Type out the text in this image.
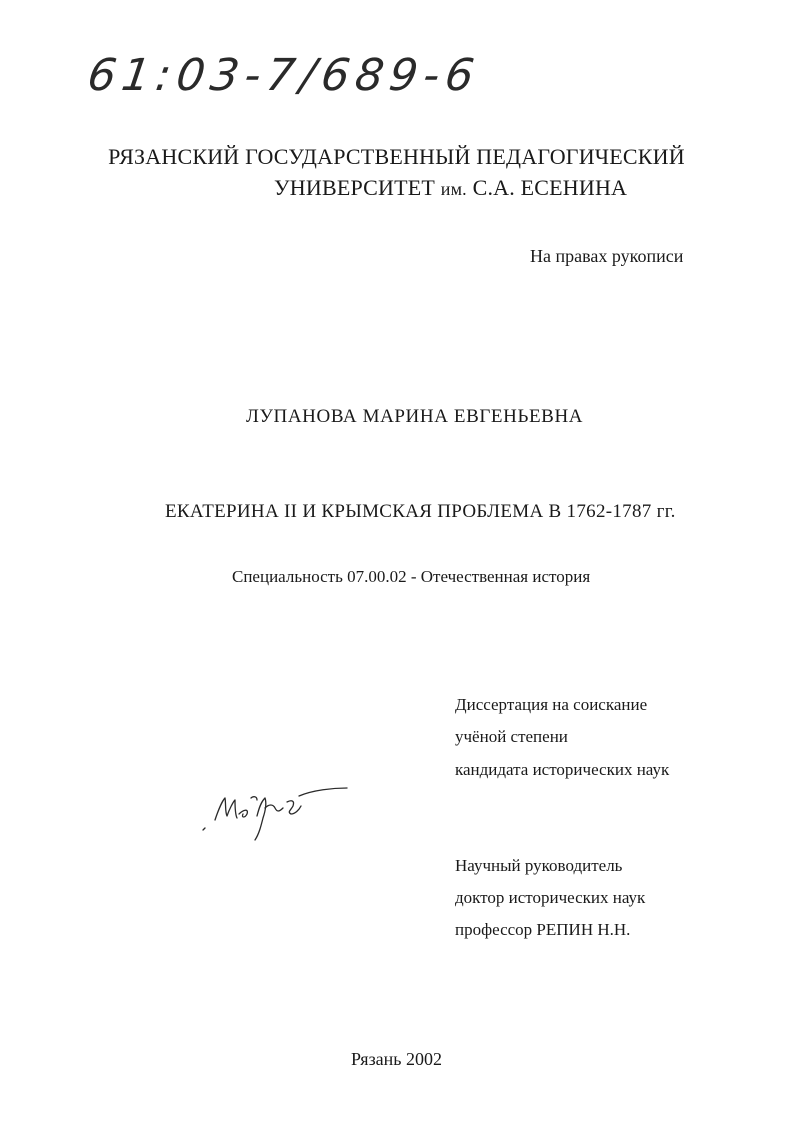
61:03-7/689-6
РЯЗАНСКИЙ ГОСУДАРСТВЕННЫЙ ПЕДАГОГИЧЕСКИЙ
УНИВЕРСИТЕТ им. С.А. ЕСЕНИНА
На правах рукописи
ЛУПАНОВА МАРИНА ЕВГЕНЬЕВНА
ЕКАТЕРИНА II И КРЫМСКАЯ ПРОБЛЕМА В 1762-1787 гг.
Специальность 07.00.02 - Отечественная история
Диссертация на соискание
учёной степени
кандидата исторических наук
Научный руководитель
доктор исторических наук
профессор РЕПИН Н.Н.
Рязань 2002
